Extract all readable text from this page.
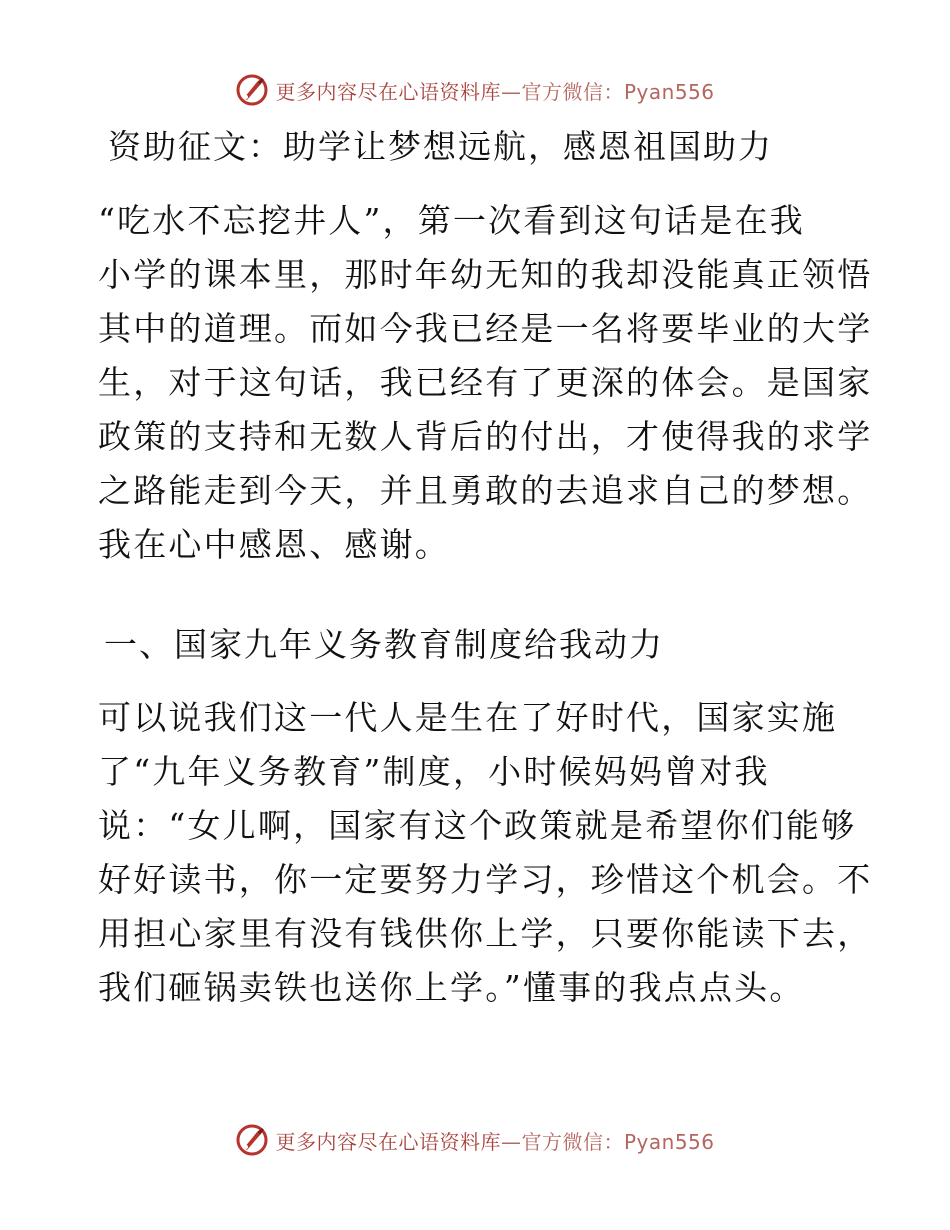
更多内容尽在心语资料库—官方微信：Pyan556
资助征文：助学让梦想远航，感恩祖国助力
“吃水不忘挖井人”，第一次看到这句话是在我
小学的课本里，那时年幼无知的我却没能真正领悟
其中的道理。而如今我已经是一名将要毕业的大学
生，对于这句话，我已经有了更深的体会。是国家
政策的支持和无数人背后的付出，才使得我的求学
之路能走到今天，并且勇敢的去追求自己的梦想。
我在心中感恩、感谢。
一、国家九年义务教育制度给我动力
可以说我们这一代人是生在了好时代，国家实施
了“九年义务教育”制度，小时候妈妈曾对我
说：“女儿啊，国家有这个政策就是希望你们能够
好好读书，你一定要努力学习，珍惜这个机会。不
用担心家里有没有钱供你上学，只要你能读下去，
我们砸锅卖铁也送你上学。”懂事的我点点头。
更多内容尽在心语资料库—官方微信：Pyan556
